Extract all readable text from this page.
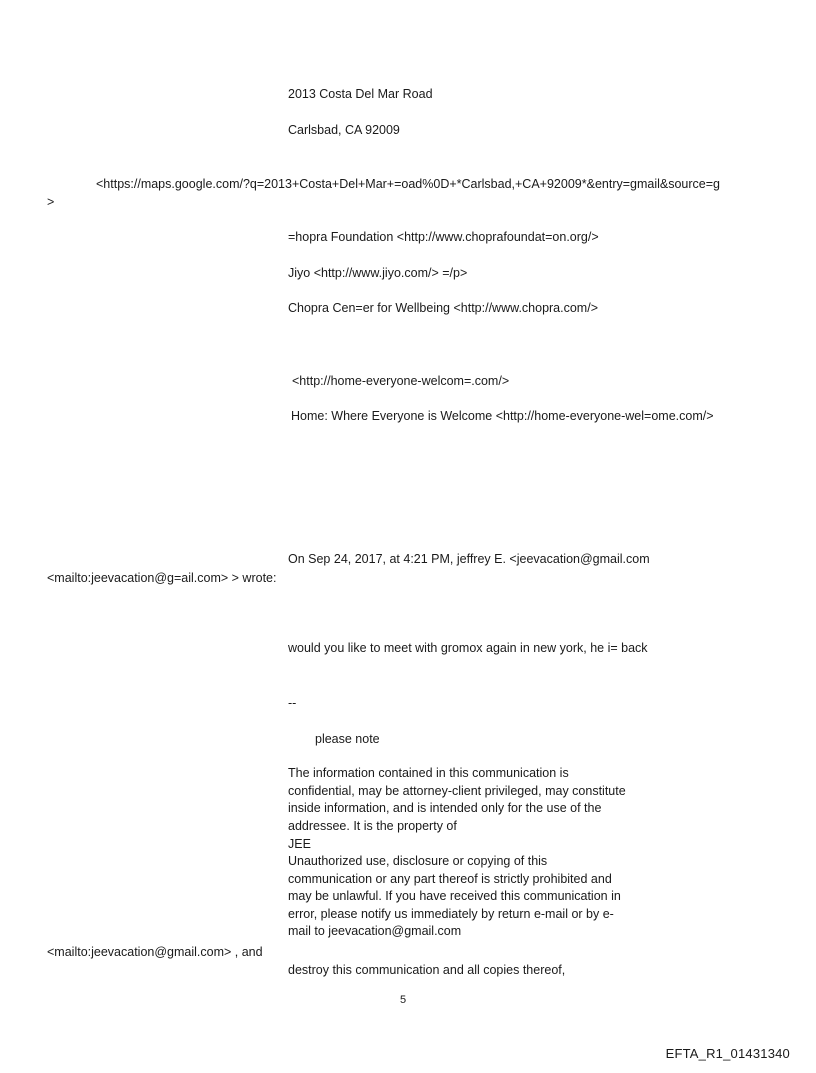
2013 Costa Del Mar Road
Carlsbad, CA 92009
<https://maps.google.com/?q=2013+Costa+Del+Mar+=oad%0D+*Carlsbad,+CA+92009*&entry=gmail&source=g
>
=hopra Foundation <http://www.choprafoundat=on.org/>
Jiyo <http://www.jiyo.com/> =/p>
Chopra Cen=er for Wellbeing <http://www.chopra.com/>
<http://home-everyone-welcom=.com/>
Home: Where Everyone is Welcome <http://home-everyone-wel=ome.com/>
On Sep 24, 2017, at 4:21 PM, jeffrey E. <jeevacation@gmail.com
<mailto:jeevacation@g=ail.com> > wrote:
would you like to meet with gromox again in new york, he i= back
--
please note
The information contained in this communication is confidential, may be attorney-client privileged, may constitute inside information, and is intended only for the use of the addressee. It is the property of
JEE
Unauthorized use, disclosure or copying of this communication or any part thereof is strictly prohibited and may be unlawful. If you have received this communication in error, please notify us immediately by return e-mail or by e-mail to jeevacation@gmail.com
<mailto:jeevacation@gmail.com> , and
destroy this communication and all copies thereof,
5
EFTA_R1_01431340
